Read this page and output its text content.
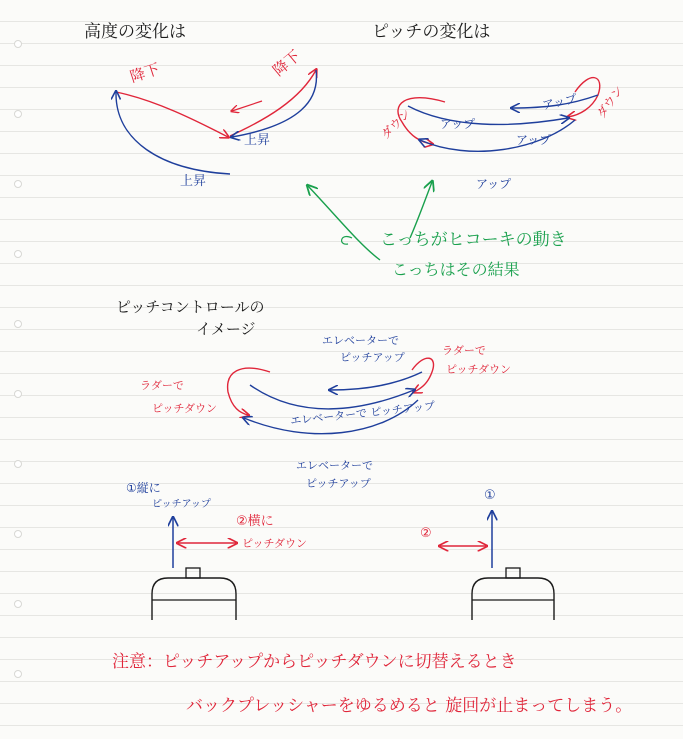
高度の変化は
降下	降下
上昇
上昇
ピッチの変化は
ダウン
ダウン
アップ
アップ
アップ
アップ
こっちがヒコーキの動き
こっちはその結果
ピッチコントロールの
イメージ
エレベーターで
ピッチアップ
ラダーで
ピッチダウン
ラダーで
ピッチダウン	エレベーターで ピッチアップ
エレベーターで
ピッチアップ
①縦に
ピッチアップ
②横に
ピッチダウン
①
②
注意：ピッチアップからピッチダウンに切替えるとき
バックプレッシャーをゆるめると 旋回が止まってしまう。
